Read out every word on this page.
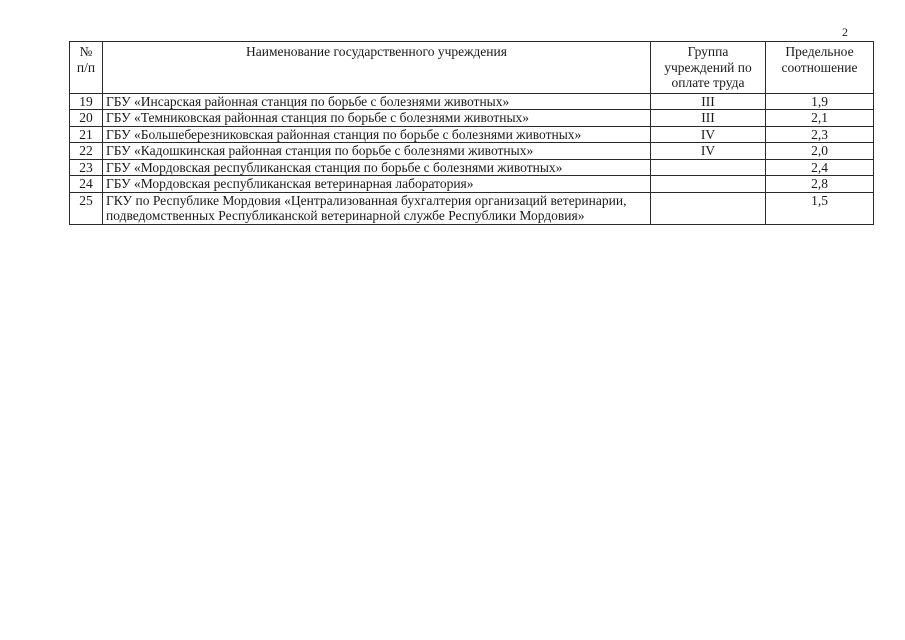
2
№ п/п	Наименование государственного учреждения	Группа учреждений по оплате труда	Предельное соотношение
19	ГБУ «Инсарская районная станция по борьбе с болезнями животных»	III	1,9
20	ГБУ «Темниковская районная станция по борьбе с болезнями животных»	III	2,1
21	ГБУ «Большеберезниковская районная станция по борьбе с болезнями животных»	IV	2,3
22	ГБУ «Кадошкинская районная станция по борьбе с болезнями животных»	IV	2,0
23	ГБУ «Мордовская республиканская станция по борьбе с болезнями животных»		2,4
24	ГБУ «Мордовская республиканская ветеринарная лаборатория»		2,8
25	ГКУ по Республике Мордовия «Централизованная бухгалтерия организаций ветеринарии, подведомственных Республиканской ветеринарной службе Республики Мордовия»		1,5
